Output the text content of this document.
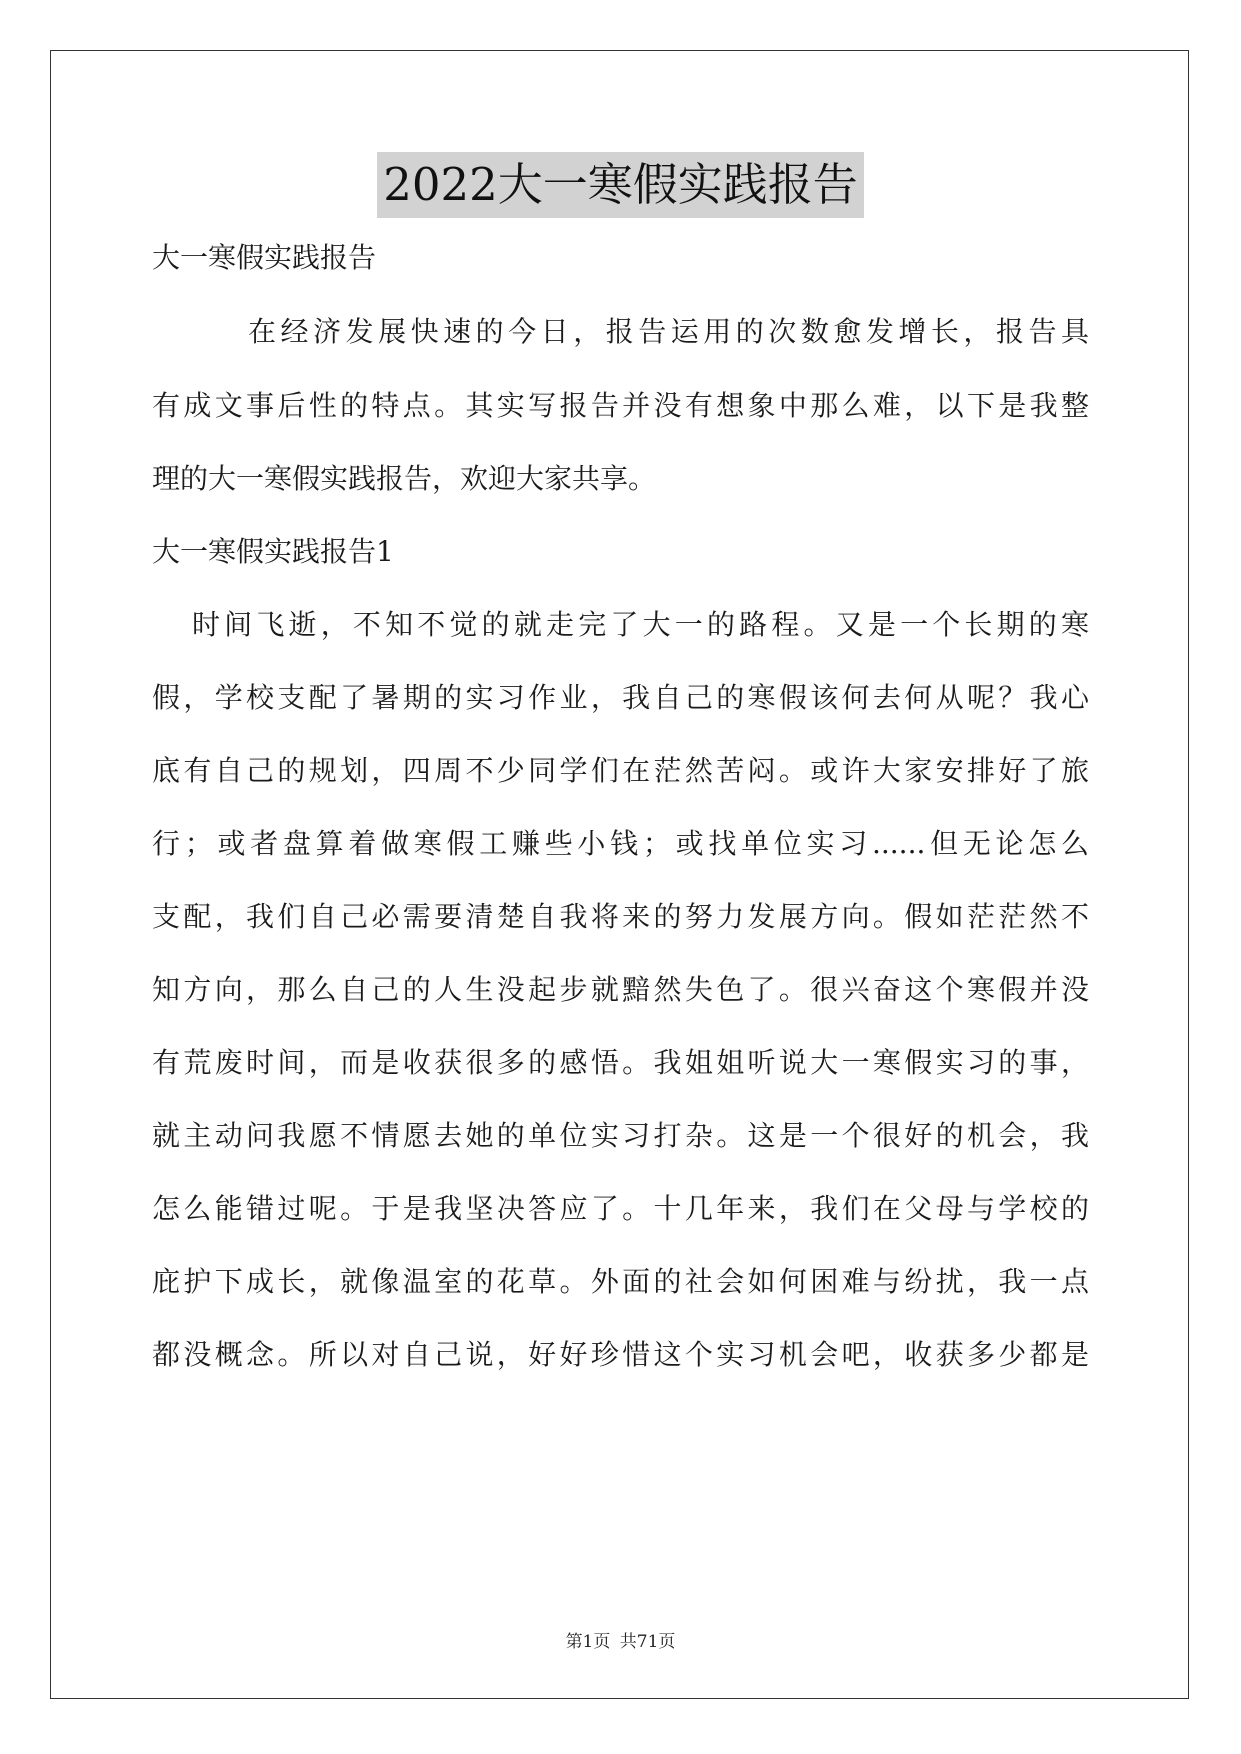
2022大一寒假实践报告

大一寒假实践报告

在经济发展快速的今日，报告运用的次数愈发增长，报告具

有成文事后性的特点。其实写报告并没有想象中那么难，以下是我整

理的大一寒假实践报告，欢迎大家共享。

大一寒假实践报告1

时间飞逝，不知不觉的就走完了大一的路程。又是一个长期的寒

假，学校支配了暑期的实习作业，我自己的寒假该何去何从呢？我心

底有自己的规划，四周不少同学们在茫然苦闷。或许大家安排好了旅

行；或者盘算着做寒假工赚些小钱；或找单位实习......但无论怎么

支配，我们自己必需要清楚自我将来的努力发展方向。假如茫茫然不

知方向，那么自己的人生没起步就黯然失色了。很兴奋这个寒假并没

有荒废时间，而是收获很多的感悟。我姐姐听说大一寒假实习的事，

就主动问我愿不情愿去她的单位实习打杂。这是一个很好的机会，我

怎么能错过呢。于是我坚决答应了。十几年来，我们在父母与学校的

庇护下成长，就像温室的花草。外面的社会如何困难与纷扰，我一点

都没概念。所以对自己说，好好珍惜这个实习机会吧，收获多少都是

第1页 共71页
